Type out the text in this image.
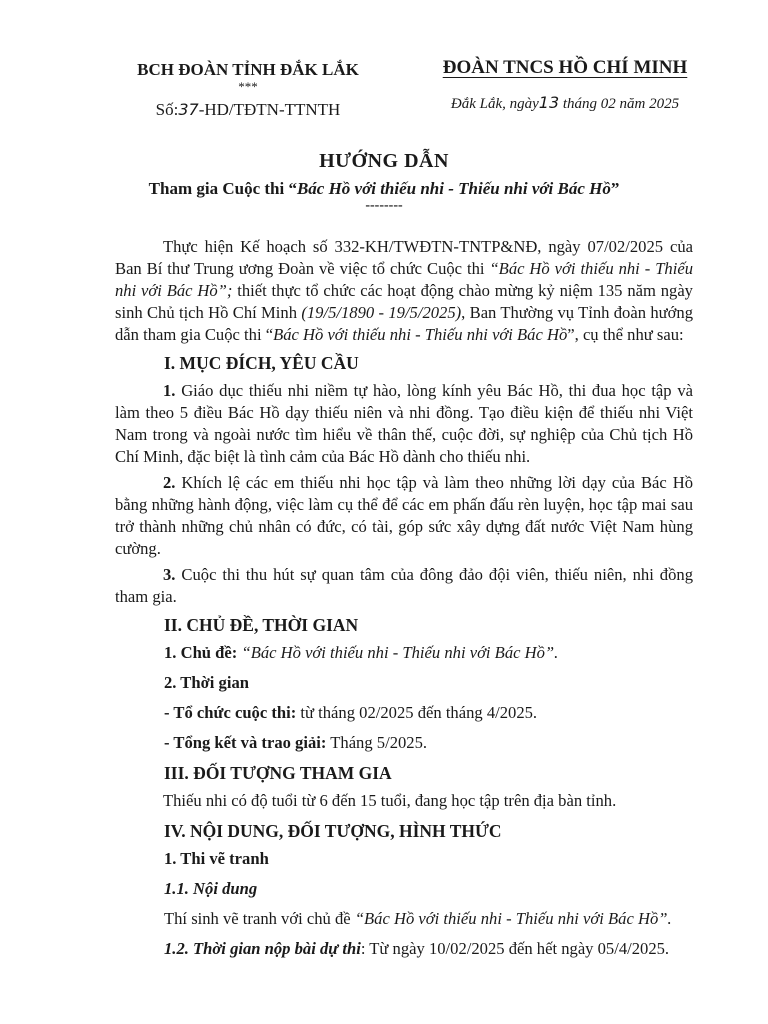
BCH ĐOÀN TỈNH ĐẮK LẮK
***
Số:37-HD/TĐTN-TTNTH
ĐOÀN TNCS HỒ CHÍ MINH
Đắk Lắk, ngày13 tháng 02 năm 2025
HƯỚNG DẪN
Tham gia Cuộc thi “Bác Hồ với thiếu nhi - Thiếu nhi với Bác Hồ”
--------

Thực hiện Kế hoạch số 332-KH/TWĐTN-TNTP&NĐ, ngày 07/02/2025 của Ban Bí thư Trung ương Đoàn về việc tổ chức Cuộc thi “Bác Hồ với thiếu nhi - Thiếu nhi với Bác Hồ”; thiết thực tổ chức các hoạt động chào mừng kỷ niệm 135 năm ngày sinh Chủ tịch Hồ Chí Minh (19/5/1890 - 19/5/2025), Ban Thường vụ Tỉnh đoàn hướng dẫn tham gia Cuộc thi “Bác Hồ với thiếu nhi - Thiếu nhi với Bác Hồ”, cụ thể như sau:

I. MỤC ĐÍCH, YÊU CẦU

1. Giáo dục thiếu nhi niềm tự hào, lòng kính yêu Bác Hồ, thi đua học tập và làm theo 5 điều Bác Hồ dạy thiếu niên và nhi đồng. Tạo điều kiện để thiếu nhi Việt Nam trong và ngoài nước tìm hiểu về thân thế, cuộc đời, sự nghiệp của Chủ tịch Hồ Chí Minh, đặc biệt là tình cảm của Bác Hồ dành cho thiếu nhi.

2. Khích lệ các em thiếu nhi học tập và làm theo những lời dạy của Bác Hồ bằng những hành động, việc làm cụ thể để các em phấn đấu rèn luyện, học tập mai sau trở thành những chủ nhân có đức, có tài, góp sức xây dựng đất nước Việt Nam hùng cường.

3. Cuộc thi thu hút sự quan tâm của đông đảo đội viên, thiếu niên, nhi đồng tham gia.

II. CHỦ ĐỀ, THỜI GIAN
1. Chủ đề: “Bác Hồ với thiếu nhi - Thiếu nhi với Bác Hồ”.
2. Thời gian
- Tổ chức cuộc thi: từ tháng 02/2025 đến tháng 4/2025.
- Tổng kết và trao giải: Tháng 5/2025.
III. ĐỐI TƯỢNG THAM GIA

Thiếu nhi có độ tuổi từ 6 đến 15 tuổi, đang học tập trên địa bàn tỉnh.

IV. NỘI DUNG, ĐỐI TƯỢNG, HÌNH THỨC
1. Thi vẽ tranh
1.1. Nội dung
Thí sinh vẽ tranh với chủ đề “Bác Hồ với thiếu nhi - Thiếu nhi với Bác Hồ”.
1.2. Thời gian nộp bài dự thi: Từ ngày 10/02/2025 đến hết ngày 05/4/2025.
